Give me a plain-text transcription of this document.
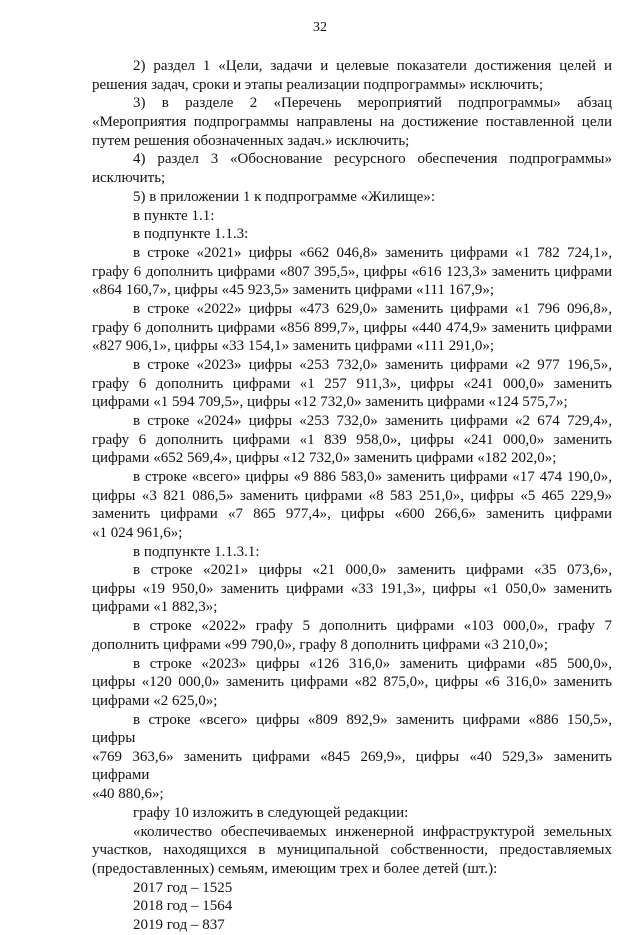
32
2) раздел 1 «Цели, задачи и целевые показатели достижения целей и
решения задач, сроки и этапы реализации подпрограммы» исключить;
3) в разделе 2 «Перечень мероприятий подпрограммы» абзац
«Мероприятия подпрограммы направлены на достижение поставленной цели
путем решения обозначенных задач.» исключить;
4) раздел 3 «Обоснование ресурсного обеспечения подпрограммы»
исключить;
5) в приложении 1 к подпрограмме «Жилище»:
в пункте 1.1:
в подпункте 1.1.3:
в строке «2021» цифры «662 046,8» заменить цифрами «1 782 724,1»,
графу 6 дополнить цифрами «807 395,5», цифры «616 123,3» заменить цифрами
«864 160,7», цифры «45 923,5» заменить цифрами «111 167,9»;
в строке «2022» цифры «473 629,0» заменить цифрами «1 796 096,8»,
графу 6 дополнить цифрами «856 899,7», цифры «440 474,9» заменить цифрами
«827 906,1», цифры «33 154,1» заменить цифрами «111 291,0»;
в строке «2023» цифры «253 732,0» заменить цифрами «2 977 196,5»,
графу 6 дополнить цифрами «1 257 911,3», цифры «241 000,0» заменить
цифрами «1 594 709,5», цифры «12 732,0» заменить цифрами «124 575,7»;
в строке «2024» цифры «253 732,0» заменить цифрами «2 674 729,4»,
графу 6 дополнить цифрами «1 839 958,0», цифры «241 000,0» заменить
цифрами «652 569,4», цифры «12 732,0» заменить цифрами «182 202,0»;
в строке «всего» цифры «9 886 583,0» заменить цифрами «17 474 190,0»,
цифры «3 821 086,5» заменить цифрами «8 583 251,0», цифры «5 465 229,9»
заменить цифрами «7 865 977,4», цифры «600 266,6» заменить цифрами
«1 024 961,6»;
в подпункте 1.1.3.1:
в строке «2021» цифры «21 000,0» заменить цифрами «35 073,6»,
цифры «19 950,0» заменить цифрами «33 191,3», цифры «1 050,0» заменить
цифрами «1 882,3»;
в строке «2022» графу 5 дополнить цифрами «103 000,0», графу 7
дополнить цифрами «99 790,0», графу 8 дополнить цифрами «3 210,0»;
в строке «2023» цифры «126 316,0» заменить цифрами «85 500,0»,
цифры «120 000,0» заменить цифрами «82 875,0», цифры «6 316,0» заменить
цифрами «2 625,0»;
в строке «всего» цифры «809 892,9» заменить цифрами «886 150,5», цифры
«769 363,6» заменить цифрами «845 269,9», цифры «40 529,3» заменить цифрами
«40 880,6»;
графу 10 изложить в следующей редакции:
«количество обеспечиваемых инженерной инфраструктурой земельных
участков, находящихся в муниципальной собственности, предоставляемых
(предоставленных) семьям, имеющим трех и более детей (шт.):
2017 год – 1525
2018 год – 1564
2019 год – 837
